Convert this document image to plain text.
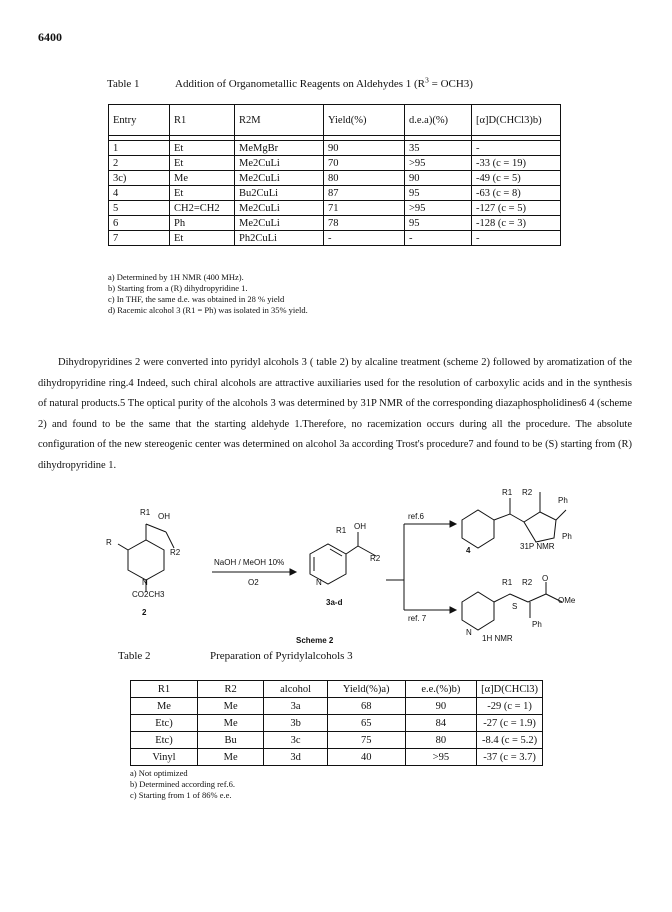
6400
Table 1	Addition of Organometallic Reagents on Aldehydes 1 $(R^3 = OCH3)$
Entry	R1	R2M	Yield(%)	d.e.a)(%)	[α]D(CHCl3)b)

1	Et	MeMgBr	90	35	-
2	Et	Me2CuLi	70	>95	-33 (c = 19)
3c)	Me	Me2CuLi	80	90	-49 (c = 5)
4	Et	Bu2CuLi	87	95	-63 (c = 8)
5	CH2=CH2	Me2CuLi	71	>95	-127 (c = 5)
6	Ph	Me2CuLi	78	95	-128 (c = 3)
7	Et	Ph2CuLi	-	-	-
a) Determined by 1H NMR (400 MHz).
b) Starting from a (R) dihydropyridine 1.
c) In THF, the same d.e. was obtained in 28 % yield
d) Racemic alcohol 3 (R1 = Ph) was isolated in 35% yield.

Dihydropyridines 2 were converted into pyridyl alcohols 3 ( table 2) by alcaline treatment (scheme 2) followed by aromatization of the dihydropyridine ring.4 Indeed, such chiral alcohols are attractive auxiliaries used for the resolution of carboxylic acids and in the synthesis of natural products.5 The optical purity of the alcohols 3 was determined by 31P NMR of the corresponding diazaphospholidines6 4 (scheme 2) and found to be the same that the starting aldehyde 1.Therefore, no racemization occurs during all the procedure. The absolute configuration of the new stereogenic center was determined on alcohol 3a according Trost's procedure7 and found to be (S) starting from (R) dihydropyridine 1.

R1 OH
R
R2
N
CO2CH3
2
NaOH / MeOH 10%
O2
R1 OH
R2
N
3a-d
ref.6
ref. 7
R1 R2
Ph
Ph
4	31P NMR
R1 R2 O
OMe
S
Ph
N
1H NMR
Scheme 2
Table 2	Preparation of Pyridylalcohols 3
R1	R2	alcohol	Yield(%)a)	e.e.(%)b)	[α]D(CHCl3)
Me	Me	3a	68	90	-29 (c = 1)
Etc)	Me	3b	65	84	-27 (c = 1.9)
Etc)	Bu	3c	75	80	-8.4 (c = 5.2)
Vinyl	Me	3d	40	>95	-37 (c = 3.7)
a) Not optimized
b) Determined according ref.6.
c) Starting from 1 of 86% e.e.
